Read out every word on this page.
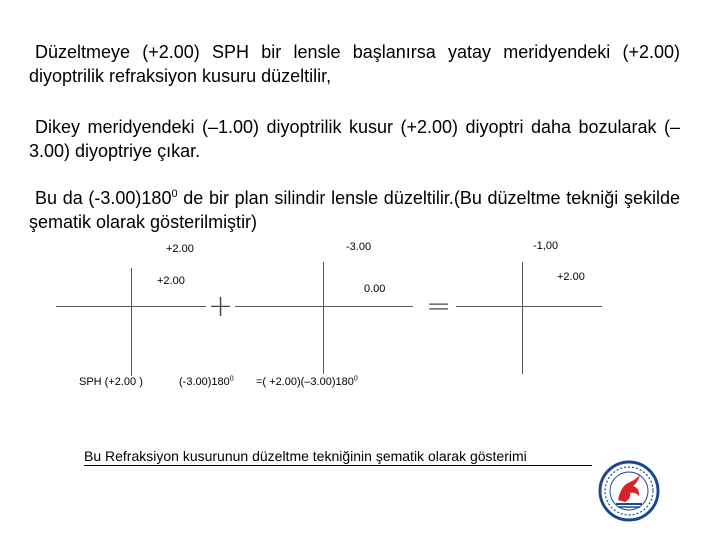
Düzeltmeye (+2.00) SPH bir lensle başlanırsa yatay meridyendeki (+2.00) diyoptrilik refraksiyon kusuru düzeltilir,

Dikey meridyendeki (–1.00) diyoptrilik kusur (+2.00) diyoptri daha bozularak (–3.00) diyoptriye çıkar.

Bu da $(-3.00)180^0$ de bir plan silindir lensle düzeltilir.(Bu düzeltme tekniği şekilde şematik olarak gösterilmiştir)

+2.00
+2.00
SPH (+2.00 )
+
-3.00
0.00
$(-3.00)180^0$
=
-1,00
+2.00
=( $+2.00)(-3.00)180^0$
Bu Refraksiyon kusurunun düzeltme tekniğinin şematik olarak gösterimi
